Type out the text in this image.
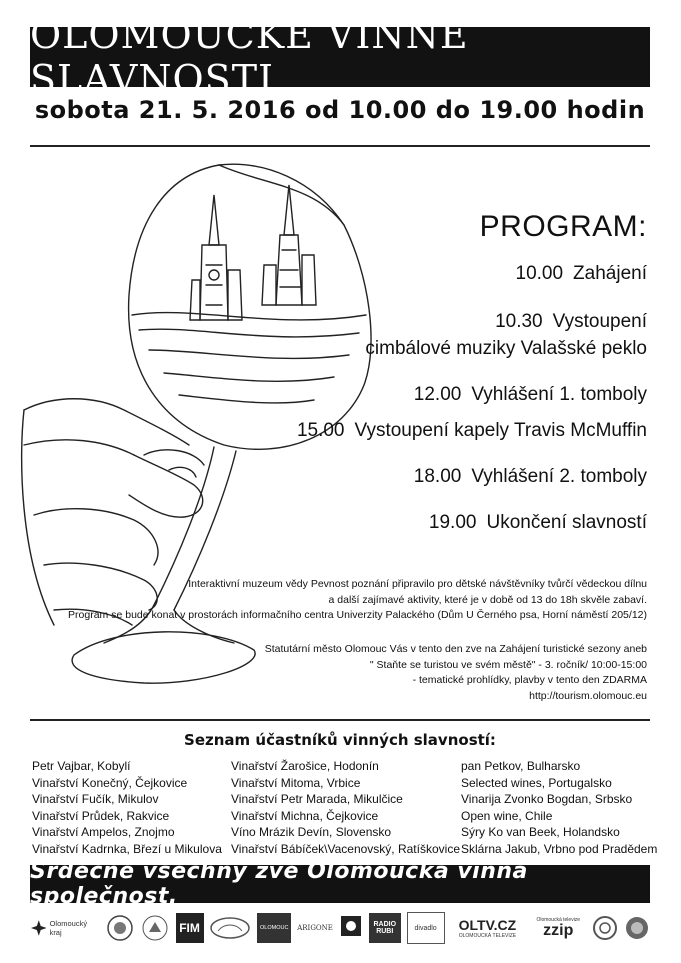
OLOMOUCKÉ VINNÉ SLAVNOSTI
sobota 21. 5. 2016 od 10.00 do 19.00 hodin
PROGRAM:
10.00 Zahájení
10.30 Vystoupení
cimbálové muziky Valašské peklo
12.00 Vyhlášení 1. tomboly
15.00 Vystoupení kapely Travis McMuffin
18.00 Vyhlášení 2. tomboly
19.00 Ukončení slavností
Interaktivní muzeum vědy Pevnost poznání připravilo pro dětské návštěvníky tvůrčí vědeckou dílnu
a další zajímavé aktivity, které je v době od 13 do 18h skvěle zabaví.
Program se bude konat v prostorách informačního centra Univerzity Palackého (Dům U Černého psa, Horní náměstí 205/12)
Statutární město Olomouc Vás v tento den zve na Zahájení turistické sezony aneb
" Staňte se turistou ve svém městě" - 3. ročník/ 10:00-15:00
- tematické prohlídky, plavby v tento den ZDARMA
http://tourism.olomouc.eu
Seznam účastníků vinných slavností:
Petr Vajbar, Kobylí
Vinařství Konečný, Čejkovice
Vinařství Fučík, Mikulov
Vinařství Průdek, Rakvice
Vinařství Ampelos, Znojmo
Vinařství Kadrnka, Březí u Mikulova
Vinařství Žarošice, Hodonín
Vinařství Mitoma, Vrbice
Vinařství Petr Marada, Mikulčice
Vinařství Michna, Čejkovice
Víno Mrázik Devín, Slovensko
Vinařství Bábíček\Vacenovský, Ratíškovice
pan Petkov, Bulharsko
Selected wines, Portugalsko
Vinarija Zvonko Bogdan, Srbsko
Open wine, Chile
Sýry Ko van Beek, Holandsko
Sklárna Jakub, Vrbno pod Pradědem
Srdečně všechny zve Olomoucká vinná společnost.
Olomoucký kraj	FIM	OLOMOUC	ARIGONE	RADIO RUBI	divadlo	OLTV.CZ
OLOMOUCKÁ TELEVIZE
Olomoucká televize
zzip
